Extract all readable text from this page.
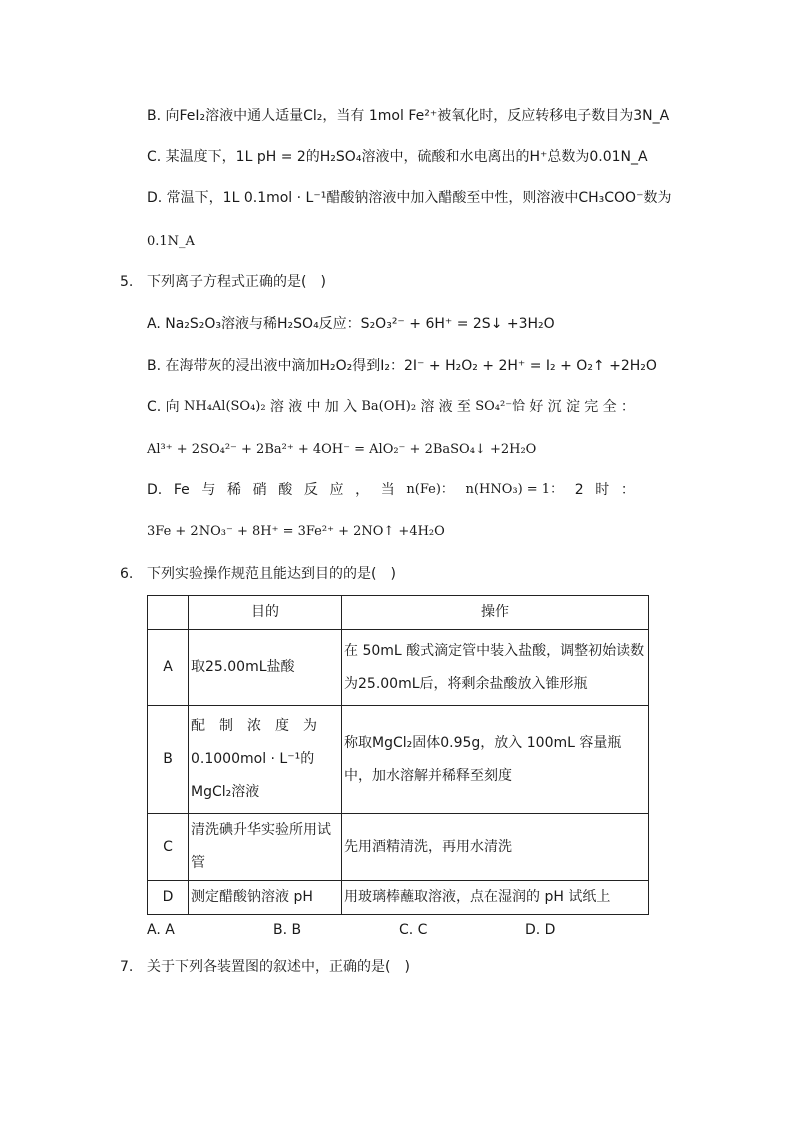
B. 向FeI₂溶液中通人适量Cl₂，当有 1mol Fe²⁺被氧化时，反应转移电子数目为3N_A
C. 某温度下，1L pH = 2的H₂SO₄溶液中，硫酸和水电离出的H⁺总数为0.01N_A
D. 常温下，1L 0.1mol · L⁻¹醋酸钠溶液中加入醋酸至中性，则溶液中CH₃COO⁻数为
0.1N_A
5. 下列离子方程式正确的是(　)
A. Na₂S₂O₃溶液与稀H₂SO₄反应：S₂O₃²⁻ + 6H⁺ = 2S↓ +3H₂O
B. 在海带灰的浸出液中滴加H₂O₂得到I₂：2I⁻ + H₂O₂ + 2H⁺ = I₂ + O₂↑ +2H₂O
C. 向 NH₄Al(SO₄)₂ 溶 液 中 加 入 Ba(OH)₂ 溶 液 至 SO₄²⁻恰 好 沉 淀 完 全 ：
Al³⁺ + 2SO₄²⁻ + 2Ba²⁺ + 4OH⁻ = AlO₂⁻ + 2BaSO₄↓ +2H₂O
D. Fe 与 稀 硝 酸 反 应 ， 当 n(Fe)： n(HNO₃) = 1： 2 时 ：
3Fe + 2NO₃⁻ + 8H⁺ = 3Fe²⁺ + 2NO↑ +4H₂O
6. 下列实验操作规范且能达到目的的是(　)
	目的	操作
A	取25.00mL盐酸	在 50mL 酸式滴定管中装入盐酸，调整初始读数为25.00mL后，将剩余盐酸放入锥形瓶
B	配　制　浓　度　为 0.1000mol · L⁻¹的 MgCl₂溶液	称取MgCl₂固体0.95g，放入 100mL 容量瓶中，加水溶解并稀释至刻度
C	清洗碘升华实验所用试管	先用酒精清洗，再用水清洗
D	测定醋酸钠溶液 pH	用玻璃棒蘸取溶液，点在湿润的 pH 试纸上
A. A	B. B	C. C	D. D
7. 关于下列各装置图的叙述中，正确的是(　)
